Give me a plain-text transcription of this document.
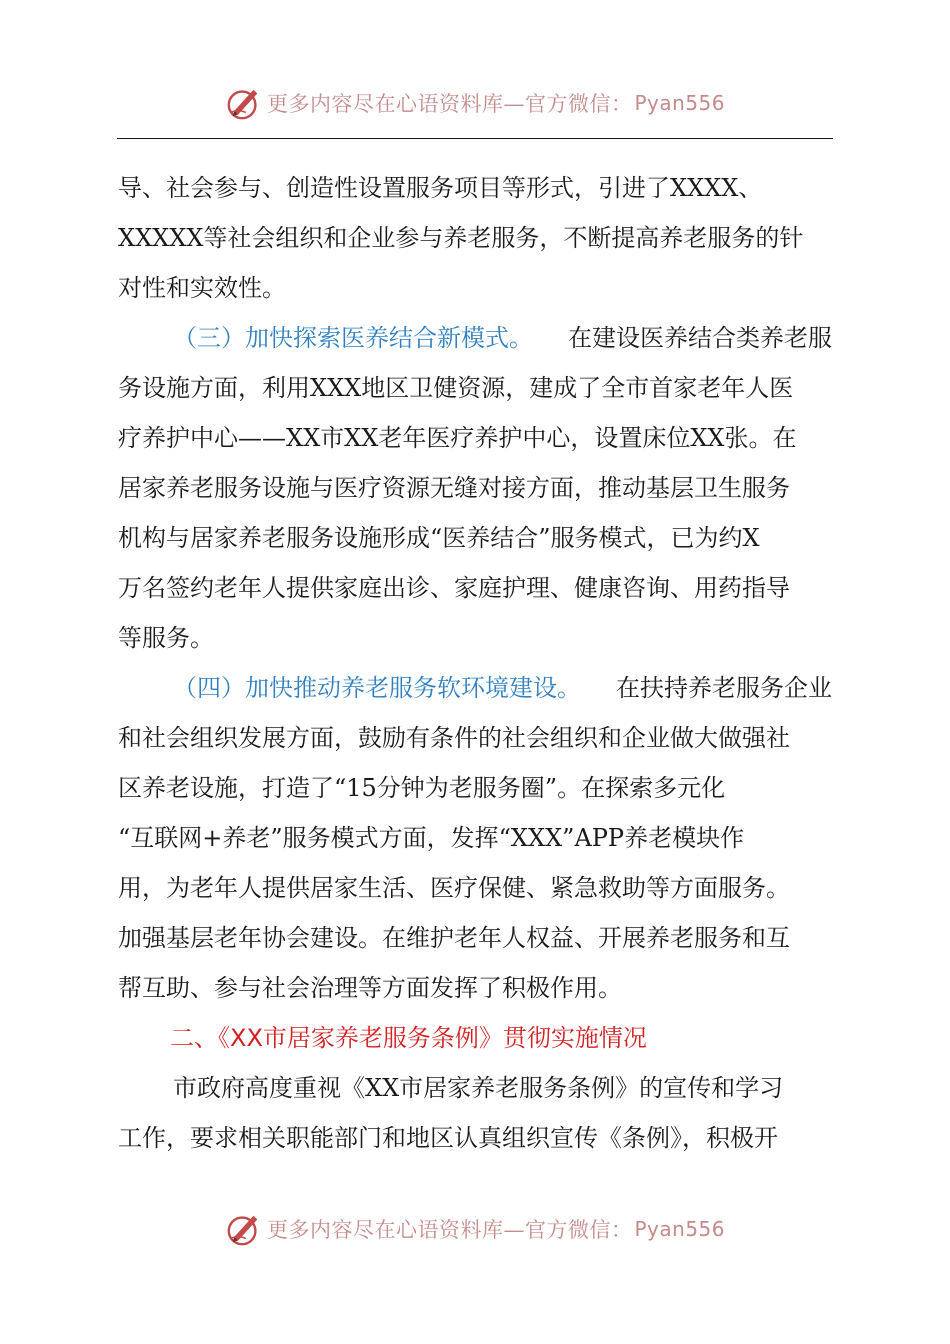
更多内容尽在心语资料库—官方微信： Pyan556
导、社会参与、创造性设置服务项目等形式，引进了XXXX、
XXXXX等社会组织和企业参与养老服务，不断提高养老服务的针
对性和实效性。
（三）加快探索医养结合新模式。 在建设医养结合类养老服
务设施方面，利用XXX地区卫健资源，建成了全市首家老年人医
疗养护中心——XX市XX老年医疗养护中心，设置床位XX张。在
居家养老服务设施与医疗资源无缝对接方面，推动基层卫生服务
机构与居家养老服务设施形成“医养结合”服务模式，已为约X
万名签约老年人提供家庭出诊、家庭护理、健康咨询、用药指导
等服务。
（四）加快推动养老服务软环境建设。 在扶持养老服务企业
和社会组织发展方面，鼓励有条件的社会组织和企业做大做强社
区养老设施，打造了“15分钟为老服务圈”。在探索多元化
“互联网+养老”服务模式方面，发挥“XXX”APP养老模块作
用，为老年人提供居家生活、医疗保健、紧急救助等方面服务。
加强基层老年协会建设。在维护老年人权益、开展养老服务和互
帮互助、参与社会治理等方面发挥了积极作用。
二、《XX市居家养老服务条例》贯彻实施情况
市政府高度重视《XX市居家养老服务条例》的宣传和学习
工作，要求相关职能部门和地区认真组织宣传《条例》，积极开
更多内容尽在心语资料库—官方微信： Pyan556
